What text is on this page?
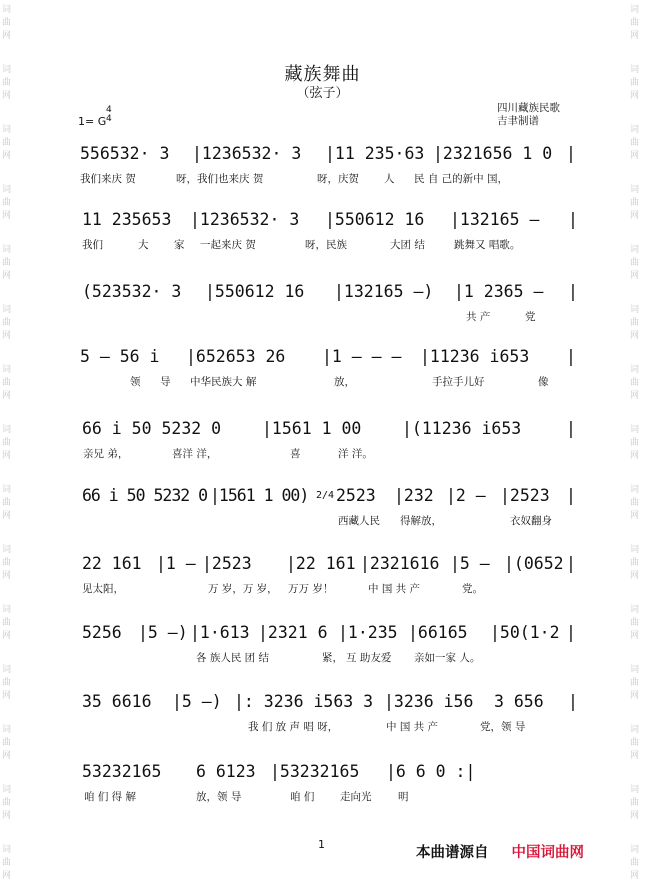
词
曲
网
词
曲
网
词
曲
网
词
曲
网
词
曲
网
词
曲
网
词
曲
网
词
曲
网
词
曲
网
词
曲
网
词
曲
网
词
曲
网
词
曲
网
词
曲
网
词
曲
网
词
曲
网
词
曲
网
词
曲
网
词
曲
网
词
曲
网
词
曲
网
词
曲
网
词
曲
网
词
曲
网
词
曲
网
词
曲
网
词
曲
网
词
曲
网
词
曲
网
词
曲
网
藏族舞曲
（弦子）
1= G
4
4
四川藏族民歌
吉聿制谱
556532· 3 |1236532· 3 |11 235·63 |2321656 1 0 |
我们来庆 贺	呀，我们也来庆 贺	呀，庆贺 人 民 自 己的新中 国，
11 235653 |1236532· 3 |550612 16 |132165 — |
我们	大 家 一起来庆 贺	呀，民族	大团 结	跳舞又 唱歌。
(523532· 3 |550612 16 |132165 —) |1 2365 — |
共 产	党
5 — 56 i |652653 26 |1 — — — |11236 i653 |
领 导 中华民族大 解	放，	手拉手儿好	像
66 i 50 5232 0 |1561 1 00 |(11236 i653	|
亲兄 弟，	喜洋 洋，	喜	洋 洋。
66 i 50 5232 0 |1561 1 00) 2/4 2523 |232 |2 — |2523 |
西藏人民 得解放，	衣奴翻身
22 161 |1 — |2523 |22 161 |2321616 |5 — |(0652 |
见太阳，	万 岁，万 岁， 万万 岁！	中 国 共 产	党。
5256 |5 —) |1·613 |2321 6 |1·235 |66165 |50(1·2 |
各 族人民 团 结	紧， 互 助友爱 亲如一家 人。
35 6616 |5 —) |: 3236 i563 3 |3236 i56 3 656 |
我 们 放 声 唱 呀，	中 国 共 产	党，领 导
53232165 6 6123 |53232165 |6 6 0 :|
咱 们 得 解	放，领 导	咱 们 走向光	明
1
本曲谱源自 中国词曲网
